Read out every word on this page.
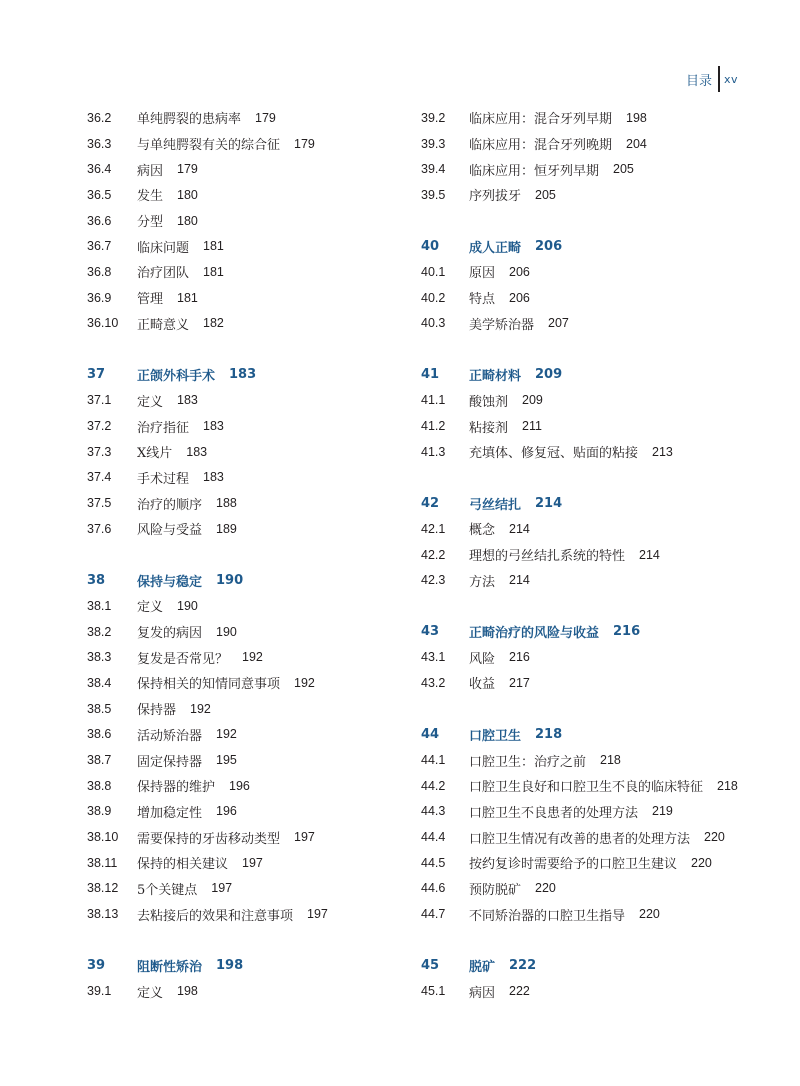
目录 xv
36.2	单纯腭裂的患病率 179
36.3	与单纯腭裂有关的综合征 179
36.4	病因 179
36.5	发生 180
36.6	分型 180
36.7	临床问题 181
36.8	治疗团队 181
36.9	管理 181
36.10	正畸意义 182
37	正颌外科手术 183
37.1	定义 183
37.2	治疗指征 183
37.3	X线片 183
37.4	手术过程 183
37.5	治疗的顺序 188
37.6	风险与受益 189
38	保持与稳定 190
38.1	定义 190
38.2	复发的病因 190
38.3	复发是否常见？ 192
38.4	保持相关的知情同意事项 192
38.5	保持器 192
38.6	活动矫治器 192
38.7	固定保持器 195
38.8	保持器的维护 196
38.9	增加稳定性 196
38.10	需要保持的牙齿移动类型 197
38.11	保持的相关建议 197
38.12	5个关键点 197
38.13	去粘接后的效果和注意事项 197
39	阻断性矫治 198
39.1	定义 198
39.2	临床应用：混合牙列早期 198
39.3	临床应用：混合牙列晚期 204
39.4	临床应用：恒牙列早期 205
39.5	序列拔牙 205
40	成人正畸 206
40.1	原因 206
40.2	特点 206
40.3	美学矫治器 207
41	正畸材料 209
41.1	酸蚀剂 209
41.2	粘接剂 211
41.3	充填体、修复冠、贴面的粘接 213
42	弓丝结扎 214
42.1	概念 214
42.2	理想的弓丝结扎系统的特性 214
42.3	方法 214
43	正畸治疗的风险与收益 216
43.1	风险 216
43.2	收益 217
44	口腔卫生 218
44.1	口腔卫生：治疗之前 218
44.2	口腔卫生良好和口腔卫生不良的临床特征 218
44.3	口腔卫生不良患者的处理方法 219
44.4	口腔卫生情况有改善的患者的处理方法 220
44.5	按约复诊时需要给予的口腔卫生建议 220
44.6	预防脱矿 220
44.7	不同矫治器的口腔卫生指导 220
45	脱矿 222
45.1	病因 222
